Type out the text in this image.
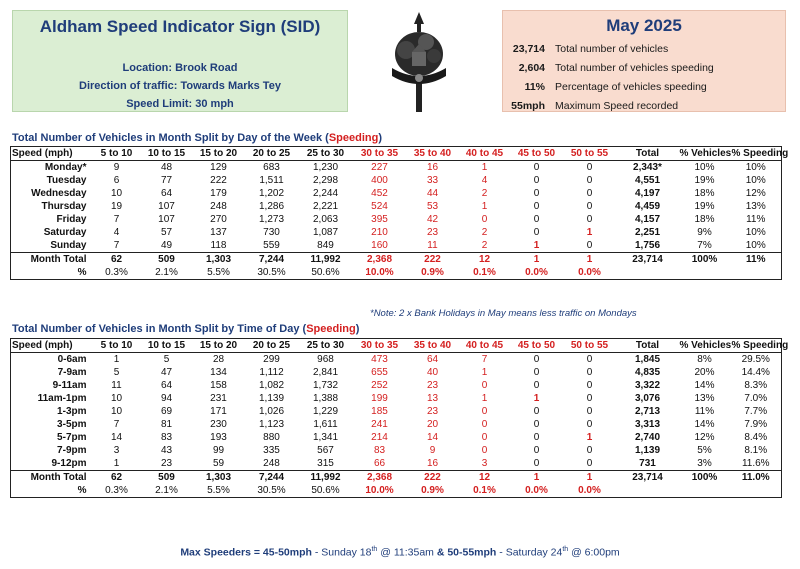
Aldham Speed Indicator Sign (SID)
Location: Brook Road
Direction of traffic: Towards Marks Tey
Speed Limit: 30 mph
May 2025
23,714 Total number of vehicles
2,604 Total number of vehicles speeding
11% Percentage of vehicles speeding
55mph Maximum Speed recorded
Total Number of Vehicles in Month Split by Day of the Week (Speeding)
Speed (mph)	5 to 10	10 to 15	15 to 20	20 to 25	25 to 30	30 to 35	35 to 40	40 to 45	45 to 50	50 to 55	Total	% Vehicles	% Speeding
Monday*	9	48	129	683	1,230	227	16	1	0	0	2,343*	10%	10%
Tuesday	6	77	222	1,511	2,298	400	33	4	0	0	4,551	19%	10%
Wednesday	10	64	179	1,202	2,244	452	44	2	0	0	4,197	18%	12%
Thursday	19	107	248	1,286	2,221	524	53	1	0	0	4,459	19%	13%
Friday	7	107	270	1,273	2,063	395	42	0	0	0	4,157	18%	11%
Saturday	4	57	137	730	1,087	210	23	2	0	1	2,251	9%	10%
Sunday	7	49	118	559	849	160	11	2	1	0	1,756	7%	10%
Month Total	62	509	1,303	7,244	11,992	2,368	222	12	1	1	23,714	100%	11%
%	0.3%	2.1%	5.5%	30.5%	50.6%	10.0%	0.9%	0.1%	0.0%	0.0%			
*Note: 2 x Bank Holidays in May means less traffic on Mondays
Total Number of Vehicles in Month Split by Time of Day (Speeding)
Speed (mph)	5 to 10	10 to 15	15 to 20	20 to 25	25 to 30	30 to 35	35 to 40	40 to 45	45 to 50	50 to 55	Total	% Vehicles	% Speeding
0-6am	1	5	28	299	968	473	64	7	0	0	1,845	8%	29.5%
7-9am	5	47	134	1,112	2,841	655	40	1	0	0	4,835	20%	14.4%
9-11am	11	64	158	1,082	1,732	252	23	0	0	0	3,322	14%	8.3%
11am-1pm	10	94	231	1,139	1,388	199	13	1	1	0	3,076	13%	7.0%
1-3pm	10	69	171	1,026	1,229	185	23	0	0	0	2,713	11%	7.7%
3-5pm	7	81	230	1,123	1,611	241	20	0	0	0	3,313	14%	7.9%
5-7pm	14	83	193	880	1,341	214	14	0	0	1	2,740	12%	8.4%
7-9pm	3	43	99	335	567	83	9	0	0	0	1,139	5%	8.1%
9-12pm	1	23	59	248	315	66	16	3	0	0	731	3%	11.6%
Month Total	62	509	1,303	7,244	11,992	2,368	222	12	1	1	23,714	100%	11.0%
%	0.3%	2.1%	5.5%	30.5%	50.6%	10.0%	0.9%	0.1%	0.0%	0.0%			
Max Speeders = 45-50mph - Sunday 18th @ 11:35am & 50-55mph - Saturday 24th @ 6:00pm
